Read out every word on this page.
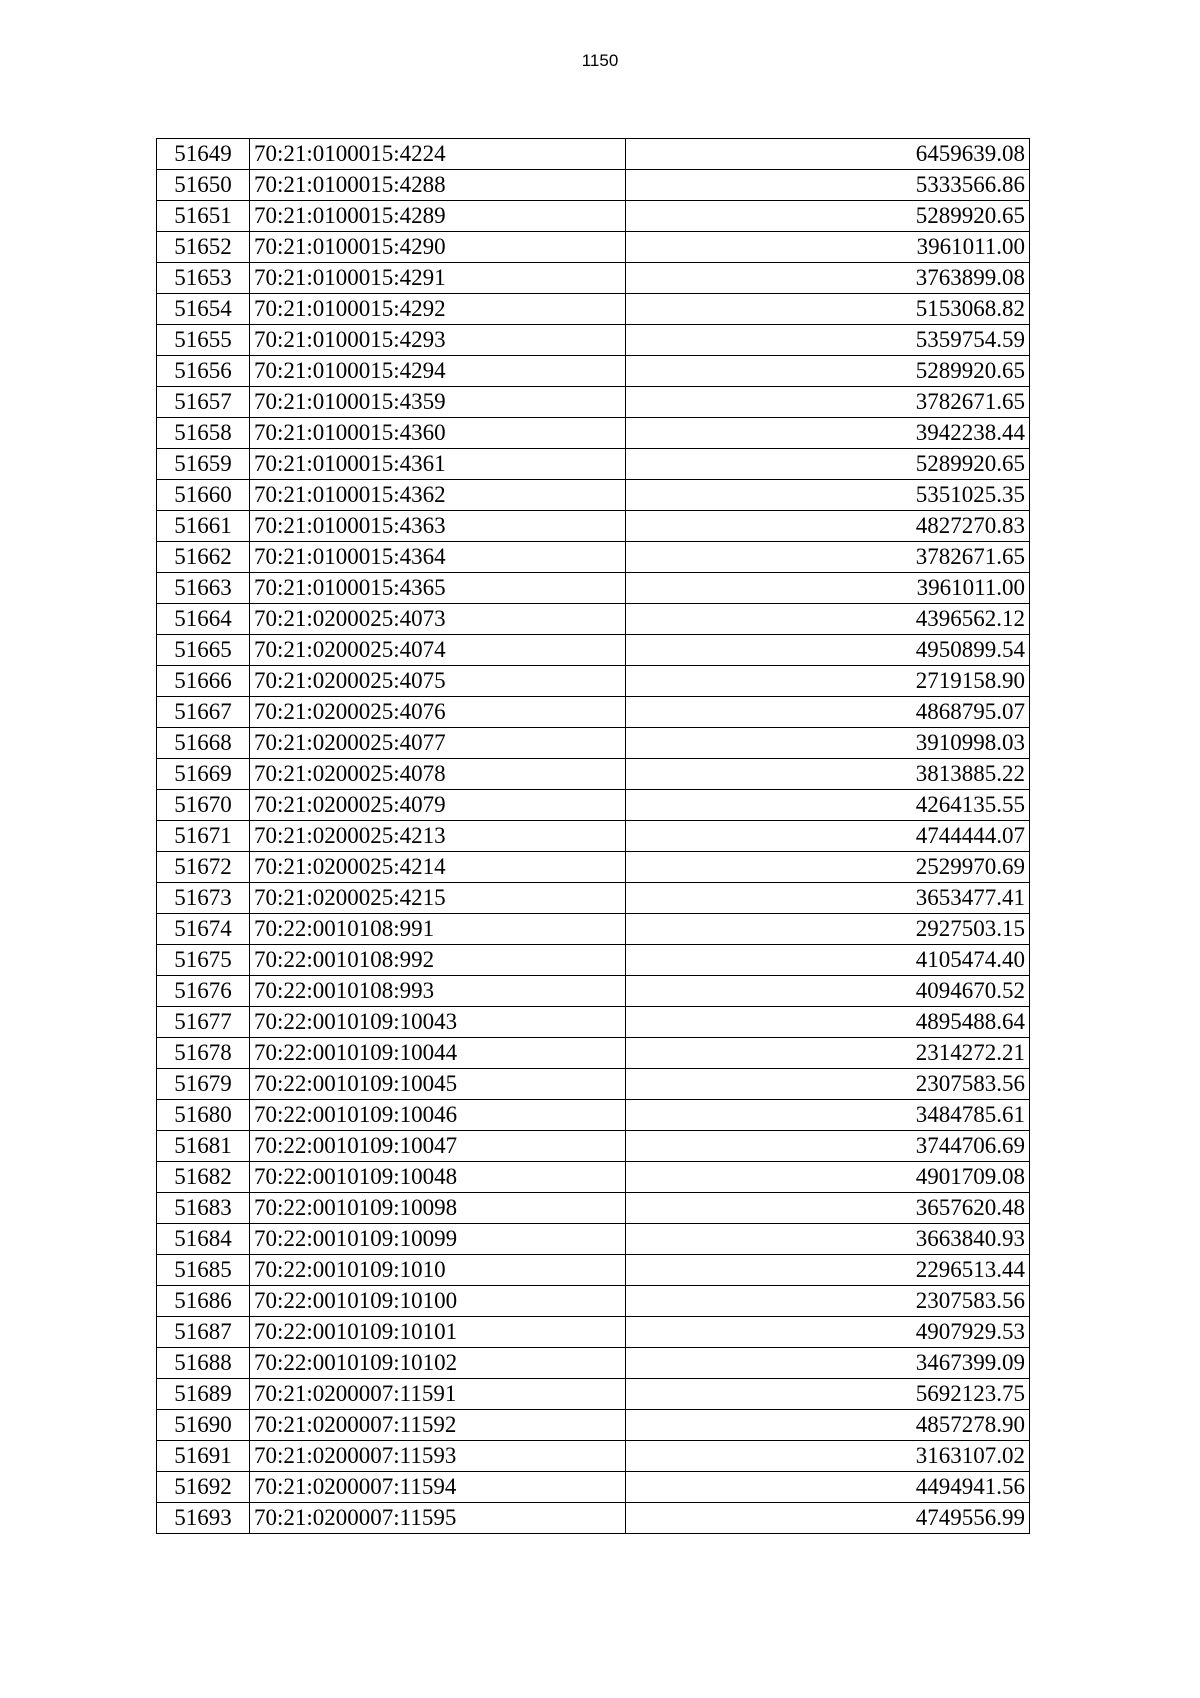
1150
51649	70:21:0100015:4224	6459639.08
51650	70:21:0100015:4288	5333566.86
51651	70:21:0100015:4289	5289920.65
51652	70:21:0100015:4290	3961011.00
51653	70:21:0100015:4291	3763899.08
51654	70:21:0100015:4292	5153068.82
51655	70:21:0100015:4293	5359754.59
51656	70:21:0100015:4294	5289920.65
51657	70:21:0100015:4359	3782671.65
51658	70:21:0100015:4360	3942238.44
51659	70:21:0100015:4361	5289920.65
51660	70:21:0100015:4362	5351025.35
51661	70:21:0100015:4363	4827270.83
51662	70:21:0100015:4364	3782671.65
51663	70:21:0100015:4365	3961011.00
51664	70:21:0200025:4073	4396562.12
51665	70:21:0200025:4074	4950899.54
51666	70:21:0200025:4075	2719158.90
51667	70:21:0200025:4076	4868795.07
51668	70:21:0200025:4077	3910998.03
51669	70:21:0200025:4078	3813885.22
51670	70:21:0200025:4079	4264135.55
51671	70:21:0200025:4213	4744444.07
51672	70:21:0200025:4214	2529970.69
51673	70:21:0200025:4215	3653477.41
51674	70:22:0010108:991	2927503.15
51675	70:22:0010108:992	4105474.40
51676	70:22:0010108:993	4094670.52
51677	70:22:0010109:10043	4895488.64
51678	70:22:0010109:10044	2314272.21
51679	70:22:0010109:10045	2307583.56
51680	70:22:0010109:10046	3484785.61
51681	70:22:0010109:10047	3744706.69
51682	70:22:0010109:10048	4901709.08
51683	70:22:0010109:10098	3657620.48
51684	70:22:0010109:10099	3663840.93
51685	70:22:0010109:1010	2296513.44
51686	70:22:0010109:10100	2307583.56
51687	70:22:0010109:10101	4907929.53
51688	70:22:0010109:10102	3467399.09
51689	70:21:0200007:11591	5692123.75
51690	70:21:0200007:11592	4857278.90
51691	70:21:0200007:11593	3163107.02
51692	70:21:0200007:11594	4494941.56
51693	70:21:0200007:11595	4749556.99
